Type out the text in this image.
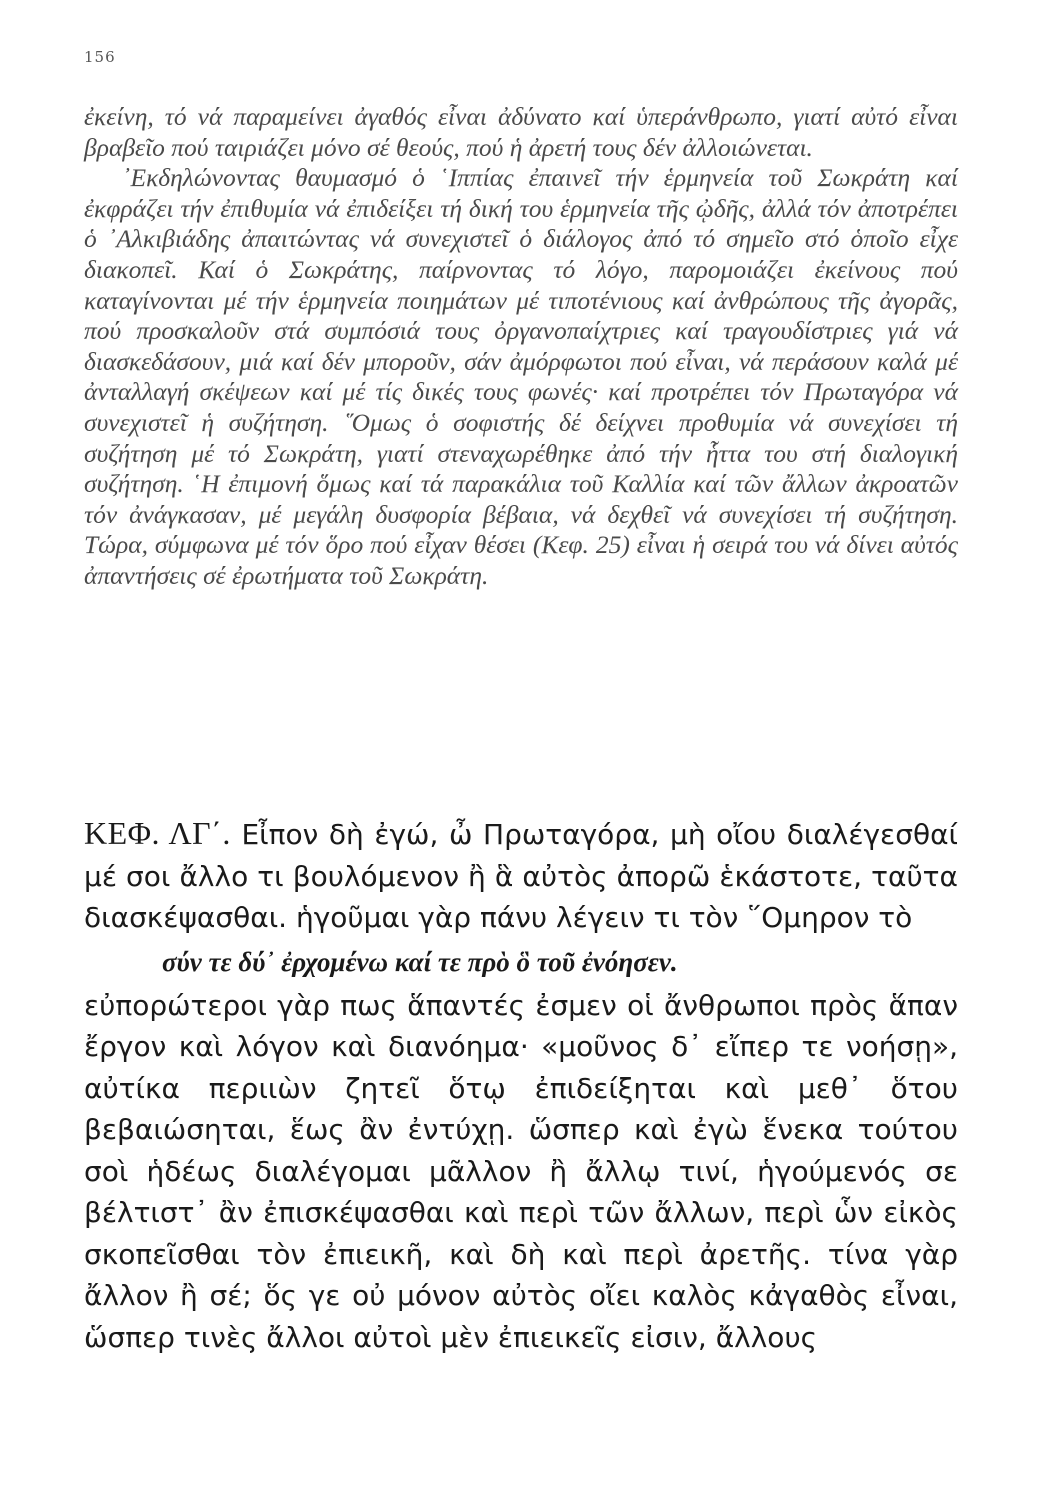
156

ἐκείνη, τό νά παραμείνει ἀγαθός εἶναι ἀδύνατο καί ὑπεράνθρωπο, γιατί αὐτό εἶναι βραβεῖο πού ταιριάζει μόνο σέ θεούς, πού ἡ ἀρετή τους δέν ἀλλοιώνεται.

᾿Εκδηλώνοντας θαυμασμό ὁ ῾Ιππίας ἐπαινεῖ τήν ἑρμηνεία τοῦ Σωκράτη καί ἐκφράζει τήν ἐπιθυμία νά ἐπιδείξει τή δική του ἑρμηνεία τῆς ᾠδῆς, ἀλλά τόν ἀποτρέπει ὁ ᾿Αλκιβιάδης ἀπαιτώντας νά συνεχιστεῖ ὁ διάλογος ἀπό τό σημεῖο στό ὁποῖο εἶχε διακοπεῖ. Καί ὁ Σωκράτης, παίρνοντας τό λόγο, παρομοιάζει ἐκείνους πού καταγίνονται μέ τήν ἑρμηνεία ποιημάτων μέ τιποτένιους καί ἀνθρώπους τῆς ἀγορᾶς, πού προσκαλοῦν στά συμπόσιά τους ὀργανοπαίχτριες καί τραγουδίστριες γιά νά διασκεδάσουν, μιά καί δέν μποροῦν, σάν ἀμόρφωτοι πού εἶναι, νά περάσουν καλά μέ ἀνταλλαγή σκέψεων καί μέ τίς δικές τους φωνές· καί προτρέπει τόν Πρωταγόρα νά συνεχιστεῖ ἡ συζήτηση. ῞Ομως ὁ σοφιστής δέ δείχνει προθυμία νά συνεχίσει τή συζήτηση μέ τό Σωκράτη, γιατί στεναχωρέθηκε ἀπό τήν ἧττα του στή διαλογική συζήτηση. ῾Η ἐπιμονή ὅμως καί τά παρακάλια τοῦ Καλλία καί τῶν ἄλλων ἀκροατῶν τόν ἀνάγκασαν, μέ μεγάλη δυσφορία βέβαια, νά δεχθεῖ νά συνεχίσει τή συζήτηση. Τώρα, σύμφωνα μέ τόν ὅρο πού εἶχαν θέσει (Κεφ. 25) εἶναι ἡ σειρά του νά δίνει αὐτός ἀπαντήσεις σέ ἐρωτήματα τοῦ Σωκράτη.

ΚΕΦ. ΛΓ΄. Εἶπον δὴ ἐγώ, ὦ Πρωταγόρα, μὴ οἴου διαλέγεσθαί μέ σοι ἄλλο τι βουλόμενον ἢ ἃ αὐτὸς ἀπορῶ ἑκάστοτε, ταῦτα διασκέψασθαι. ἡγοῦμαι γὰρ πάνυ λέγειν τι τὸν ῞Ομηρον τὸ

σύν τε δύ᾿ ἐρχομένω καί τε πρὸ ὃ τοῦ ἐνόησεν.

εὐπορώτεροι γὰρ πως ἅπαντές ἐσμεν οἱ ἄνθρωποι πρὸς ἅπαν ἔργον καὶ λόγον καὶ διανόημα· «μοῦνος δ᾿ εἴπερ τε νοήσῃ», αὐτίκα περιιὼν ζητεῖ ὅτῳ ἐπιδείξηται καὶ μεθ᾿ ὅτου βεβαιώσηται, ἕως ἂν ἐντύχῃ. ὥσπερ καὶ ἐγὼ ἕνεκα τούτου σοὶ ἡδέως διαλέγομαι μᾶλλον ἢ ἄλλῳ τινί, ἡγούμενός σε βέλτιστ᾿ ἂν ἐπισκέψασθαι καὶ περὶ τῶν ἄλλων, περὶ ὧν εἰκὸς σκοπεῖσθαι τὸν ἐπιεικῆ, καὶ δὴ καὶ περὶ ἀρετῆς. τίνα γὰρ ἄλλον ἢ σέ; ὅς γε οὐ μόνον αὐτὸς οἴει καλὸς κἀγαθὸς εἶναι, ὥσπερ τινὲς ἄλλοι αὐτοὶ μὲν ἐπιεικεῖς εἰσιν, ἄλλους
